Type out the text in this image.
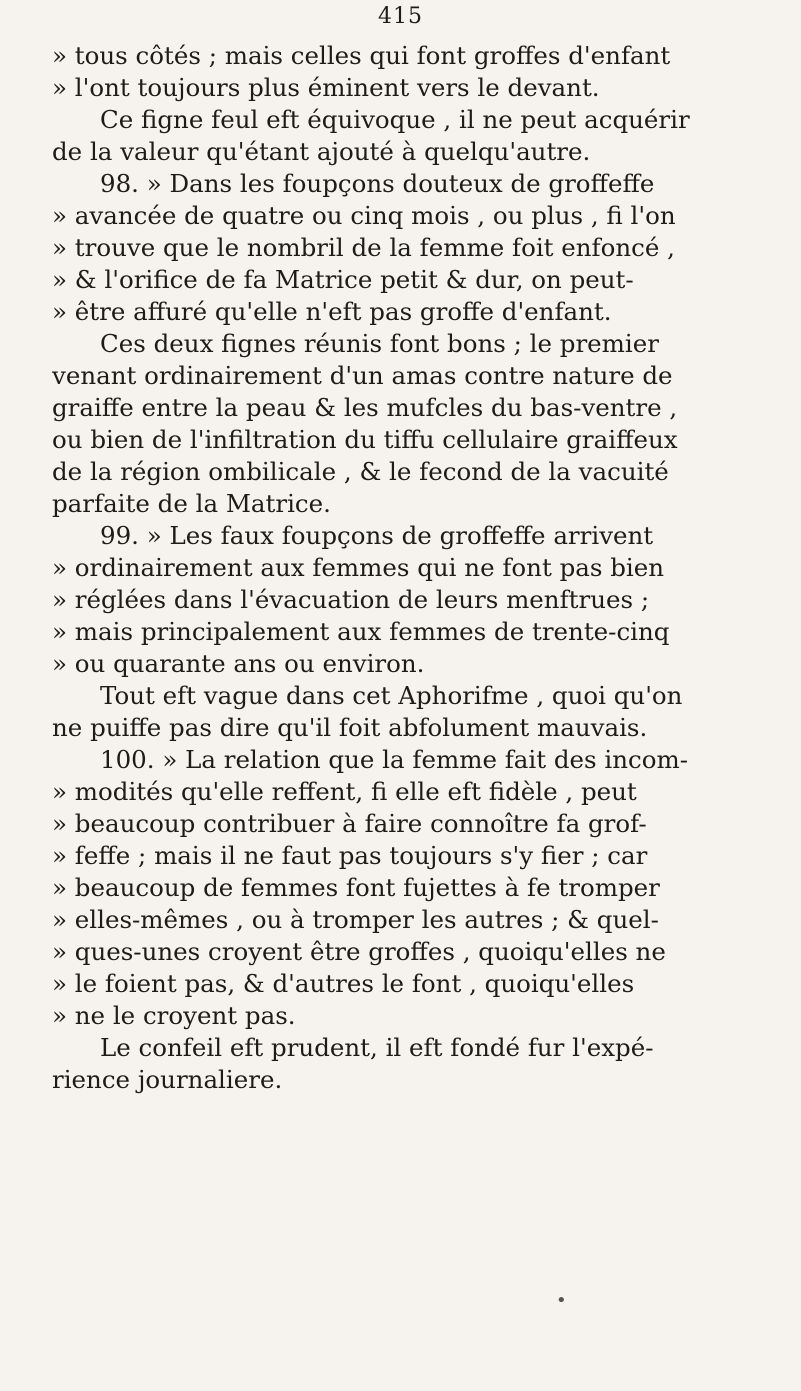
415
» tous côtés ; mais celles qui font groffes d'enfant
» l'ont toujours plus éminent vers le devant.
Ce figne feul eft équivoque , il ne peut acquérir
de la valeur qu'étant ajouté à quelqu'autre.
98. » Dans les foupçons douteux de groffeffe
» avancée de quatre ou cinq mois , ou plus , fi l'on
» trouve que le nombril de la femme foit enfoncé ,
» & l'orifice de fa Matrice petit & dur, on peut-
» être affuré qu'elle n'eft pas groffe d'enfant.
Ces deux fignes réunis font bons ; le premier
venant ordinairement d'un amas contre nature de
graiffe entre la peau & les mufcles du bas-ventre ,
ou bien de l'infiltration du tiffu cellulaire graiffeux
de la région ombilicale , & le fecond de la vacuité
parfaite de la Matrice.
99. » Les faux foupçons de groffeffe arrivent
» ordinairement aux femmes qui ne font pas bien
» réglées dans l'évacuation de leurs menftrues ;
» mais principalement aux femmes de trente-cinq
» ou quarante ans ou environ.
Tout eft vague dans cet Aphorifme , quoi qu'on
ne puiffe pas dire qu'il foit abfolument mauvais.
100. » La relation que la femme fait des incom-
» modités qu'elle reffent, fi elle eft fidèle , peut
» beaucoup contribuer à faire connoître fa grof-
» feffe ; mais il ne faut pas toujours s'y fier ; car
» beaucoup de femmes font fujettes à fe tromper
» elles-mêmes , ou à tromper les autres ; & quel-
» ques-unes croyent être groffes , quoiqu'elles ne
» le foient pas, & d'autres le font , quoiqu'elles
» ne le croyent pas.
Le confeil eft prudent, il eft fondé fur l'expé-
rience journaliere.
•
